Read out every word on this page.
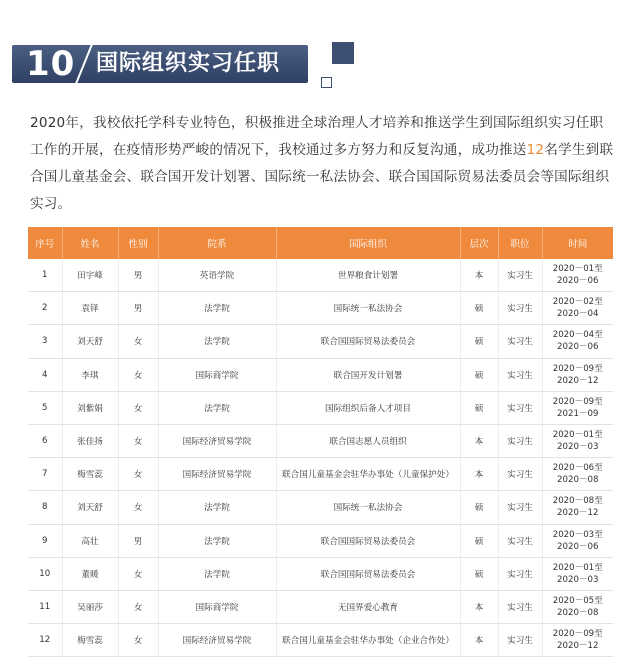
10 国际组织实习任职

2020年，我校依托学科专业特色，积极推进全球治理人才培养和推送学生到国际组织实习任职工作的开展，在疫情形势严峻的情况下，我校通过多方努力和反复沟通，成功推送12名学生到联合国儿童基金会、联合国开发计划署、国际统一私法协会、联合国国际贸易法委员会等国际组织实习。

序号	姓名	性别	院系	国际组织	层次	职位	时间
1	田宇峰	男	英语学院	世界粮食计划署	本	实习生	2020－01至
2020－06

2	袁铎	男	法学院	国际统一私法协会	硕	实习生	2020－02至
2020－04

3	刘天舒	女	法学院	联合国国际贸易法委员会	硕	实习生	2020－04至
2020－06

4	李琪	女	国际商学院	联合国开发计划署	硕	实习生	2020－09至
2020－12

5	刘紫娟	女	法学院	国际组织后备人才项目	硕	实习生	2020－09至
2021－09

6	张佳扬	女	国际经济贸易学院	联合国志愿人员组织	本	实习生	2020－01至
2020－03

7	梅雪蕊	女	国际经济贸易学院	联合国儿童基金会驻华办事处（儿童保护处）	本	实习生	2020－06至
2020－08

8	刘天舒	女	法学院	国际统一私法协会	硕	实习生	2020－08至
2020－12

9	高壮	男	法学院	联合国国际贸易法委员会	硕	实习生	2020－03至
2020－06

10	董暖	女	法学院	联合国国际贸易法委员会	硕	实习生	2020－01至
2020－03

11	吴丽莎	女	国际商学院	无国界爱心教育	本	实习生	2020－05至
2020－08

12	梅雪蕊	女	国际经济贸易学院	联合国儿童基金会驻华办事处（企业合作处）	本	实习生	2020－09至
2020－12
